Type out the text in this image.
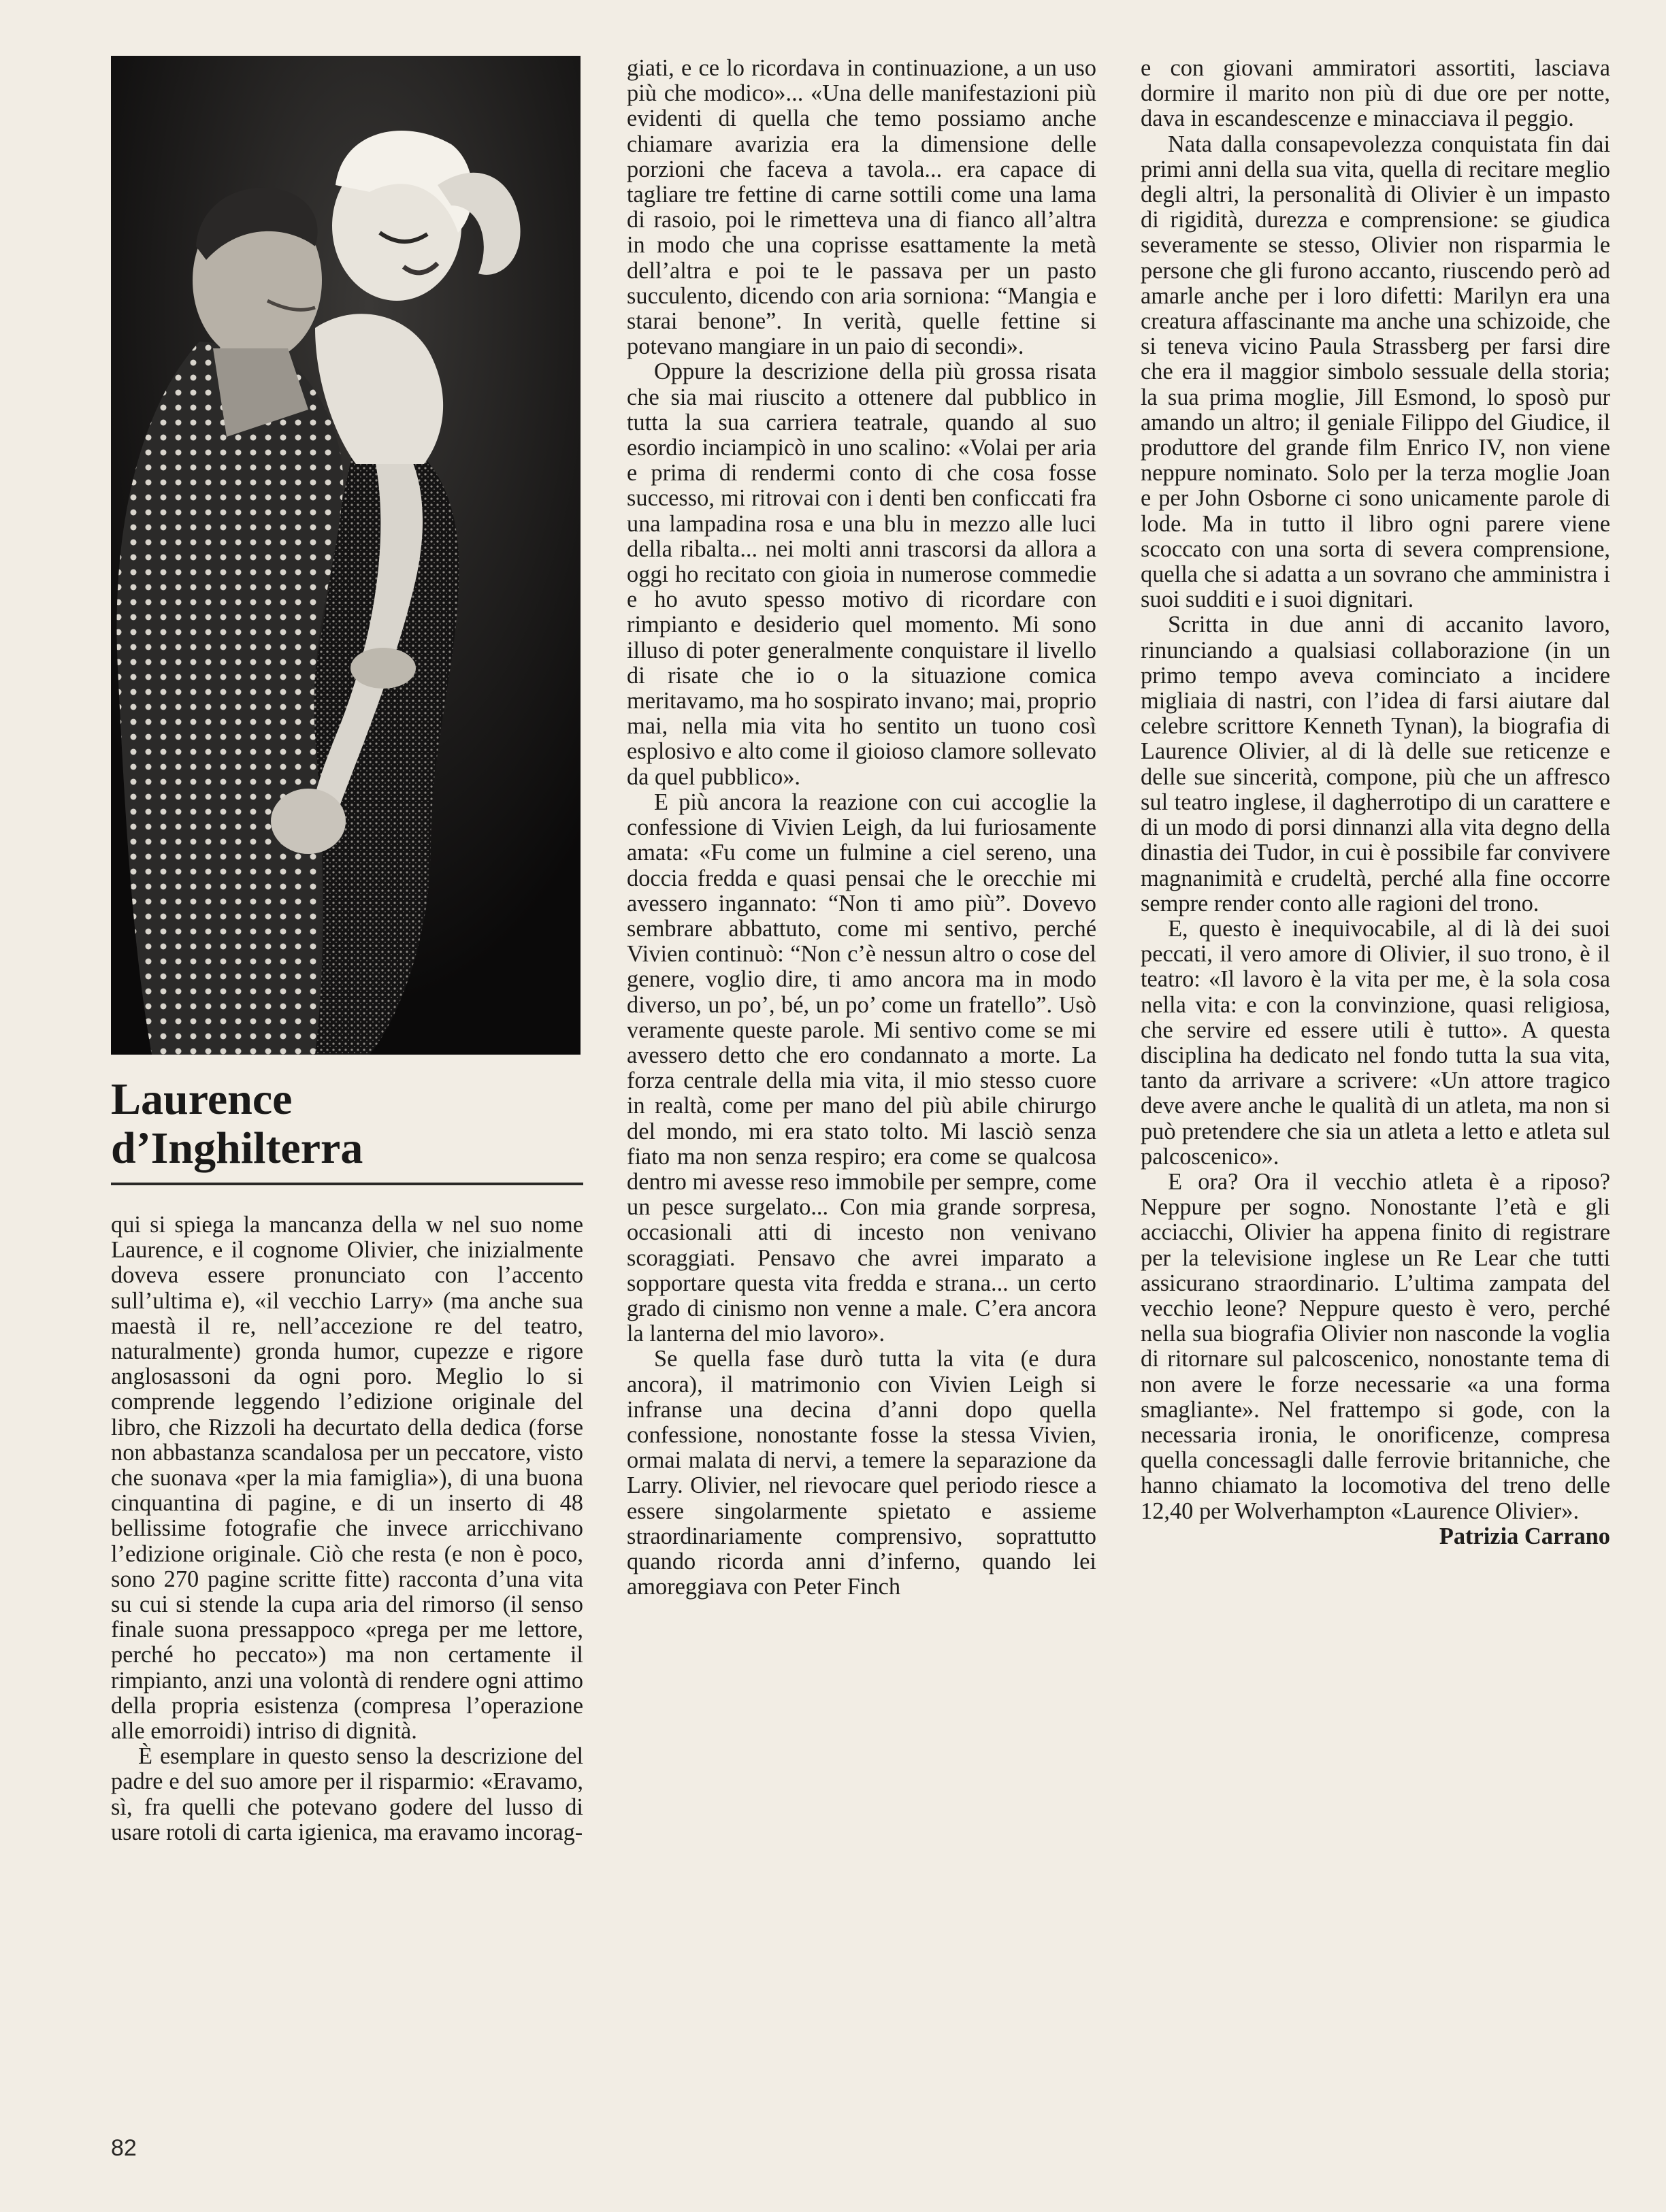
Laurence
d’Inghilterra

qui si spiega la mancanza della w nel suo nome Laurence, e il cognome Olivier, che inizialmente doveva essere pronunciato con l’accento sull’ultima e), «il vecchio Larry» (ma anche sua maestà il re, nell’accezione re del teatro, naturalmente) gronda humor, cupezze e rigore anglosassoni da ogni poro. Meglio lo si comprende leggendo l’edizione originale del libro, che Rizzoli ha decurtato della dedica (forse non abbastanza scandalosa per un peccatore, visto che suonava «per la mia famiglia»), di una buona cinquantina di pagine, e di un inserto di 48 bellissime fotografie che invece arricchivano l’edizione originale. Ciò che resta (e non è poco, sono 270 pagine scritte fitte) racconta d’una vita su cui si stende la cupa aria del rimorso (il senso finale suona pressappoco «prega per me lettore, perché ho peccato») ma non certamente il rimpianto, anzi una volontà di rendere ogni attimo della propria esistenza (compresa l’operazione alle emorroidi) intriso di dignità.

È esemplare in questo senso la descrizione del padre e del suo amore per il risparmio: «Eravamo, sì, fra quelli che potevano godere del lusso di usare rotoli di carta igienica, ma eravamo incorag-

giati, e ce lo ricordava in continuazione, a un uso più che modico»... «Una delle manifestazioni più evidenti di quella che temo possiamo anche chiamare avarizia era la dimensione delle porzioni che faceva a tavola... era capace di tagliare tre fettine di carne sottili come una lama di rasoio, poi le rimetteva una di fianco all’altra in modo che una coprisse esattamente la metà dell’altra e poi te le passava per un pasto succulento, dicendo con aria sorniona: “Mangia e starai benone”. In verità, quelle fettine si potevano mangiare in un paio di secondi».

Oppure la descrizione della più grossa risata che sia mai riuscito a ottenere dal pubblico in tutta la sua carriera teatrale, quando al suo esordio inciampicò in uno scalino: «Volai per aria e prima di rendermi conto di che cosa fosse successo, mi ritrovai con i denti ben conficcati fra una lampadina rosa e una blu in mezzo alle luci della ribalta... nei molti anni trascorsi da allora a oggi ho recitato con gioia in numerose commedie e ho avuto spesso motivo di ricordare con rimpianto e desiderio quel momento. Mi sono illuso di poter generalmente conquistare il livello di risate che io o la situazione comica meritavamo, ma ho sospirato invano; mai, proprio mai, nella mia vita ho sentito un tuono così esplosivo e alto come il gioioso clamore sollevato da quel pubblico».

E più ancora la reazione con cui accoglie la confessione di Vivien Leigh, da lui furiosamente amata: «Fu come un fulmine a ciel sereno, una doccia fredda e quasi pensai che le orecchie mi avessero ingannato: “Non ti amo più”. Dovevo sembrare abbattuto, come mi sentivo, perché Vivien continuò: “Non c’è nessun altro o cose del genere, voglio dire, ti amo ancora ma in modo diverso, un po’, bé, un po’ come un fratello”. Usò veramente queste parole. Mi sentivo come se mi avessero detto che ero condannato a morte. La forza centrale della mia vita, il mio stesso cuore in realtà, come per mano del più abile chirurgo del mondo, mi era stato tolto. Mi lasciò senza fiato ma non senza respiro; era come se qualcosa dentro mi avesse reso immobile per sempre, come un pesce surgelato... Con mia grande sorpresa, occasionali atti di incesto non venivano scoraggiati. Pensavo che avrei imparato a sopportare questa vita fredda e strana... un certo grado di cinismo non venne a male. C’era ancora la lanterna del mio lavoro».

Se quella fase durò tutta la vita (e dura ancora), il matrimonio con Vivien Leigh si infranse una decina d’anni dopo quella confessione, nonostante fosse la stessa Vivien, ormai malata di nervi, a temere la separazione da Larry. Olivier, nel rievocare quel periodo riesce a essere singolarmente spietato e assieme straordinariamente comprensivo, soprattutto quando ricorda anni d’inferno, quando lei amoreggiava con Peter Finch

e con giovani ammiratori assortiti, lasciava dormire il marito non più di due ore per notte, dava in escandescenze e minacciava il peggio.

Nata dalla consapevolezza conquistata fin dai primi anni della sua vita, quella di recitare meglio degli altri, la personalità di Olivier è un impasto di rigidità, durezza e comprensione: se giudica severamente se stesso, Olivier non risparmia le persone che gli furono accanto, riuscendo però ad amarle anche per i loro difetti: Marilyn era una creatura affascinante ma anche una schizoide, che si teneva vicino Paula Strassberg per farsi dire che era il maggior simbolo sessuale della storia; la sua prima moglie, Jill Esmond, lo sposò pur amando un altro; il geniale Filippo del Giudice, il produttore del grande film Enrico IV, non viene neppure nominato. Solo per la terza moglie Joan e per John Osborne ci sono unicamente parole di lode. Ma in tutto il libro ogni parere viene scoccato con una sorta di severa comprensione, quella che si adatta a un sovrano che amministra i suoi sudditi e i suoi dignitari.

Scritta in due anni di accanito lavoro, rinunciando a qualsiasi collaborazione (in un primo tempo aveva cominciato a incidere migliaia di nastri, con l’idea di farsi aiutare dal celebre scrittore Kenneth Tynan), la biografia di Laurence Olivier, al di là delle sue reticenze e delle sue sincerità, compone, più che un affresco sul teatro inglese, il dagherrotipo di un carattere e di un modo di porsi dinnanzi alla vita degno della dinastia dei Tudor, in cui è possibile far convivere magnanimità e crudeltà, perché alla fine occorre sempre render conto alle ragioni del trono.

E, questo è inequivocabile, al di là dei suoi peccati, il vero amore di Olivier, il suo trono, è il teatro: «Il lavoro è la vita per me, è la sola cosa nella vita: e con la convinzione, quasi religiosa, che servire ed essere utili è tutto». A questa disciplina ha dedicato nel fondo tutta la sua vita, tanto da arrivare a scrivere: «Un attore tragico deve avere anche le qualità di un atleta, ma non si può pretendere che sia un atleta a letto e atleta sul palcoscenico».

E ora? Ora il vecchio atleta è a riposo? Neppure per sogno. Nonostante l’età e gli acciacchi, Olivier ha appena finito di registrare per la televisione inglese un Re Lear che tutti assicurano straordinario. L’ultima zampata del vecchio leone? Neppure questo è vero, perché nella sua biografia Olivier non nasconde la voglia di ritornare sul palcoscenico, nonostante tema di non avere le forze necessarie «a una forma smagliante». Nel frattempo si gode, con la necessaria ironia, le onorificenze, compresa quella concessagli dalle ferrovie britanniche, che hanno chiamato la locomotiva del treno delle 12,40 per Wolverhampton «Laurence Olivier».

Patrizia Carrano

82
